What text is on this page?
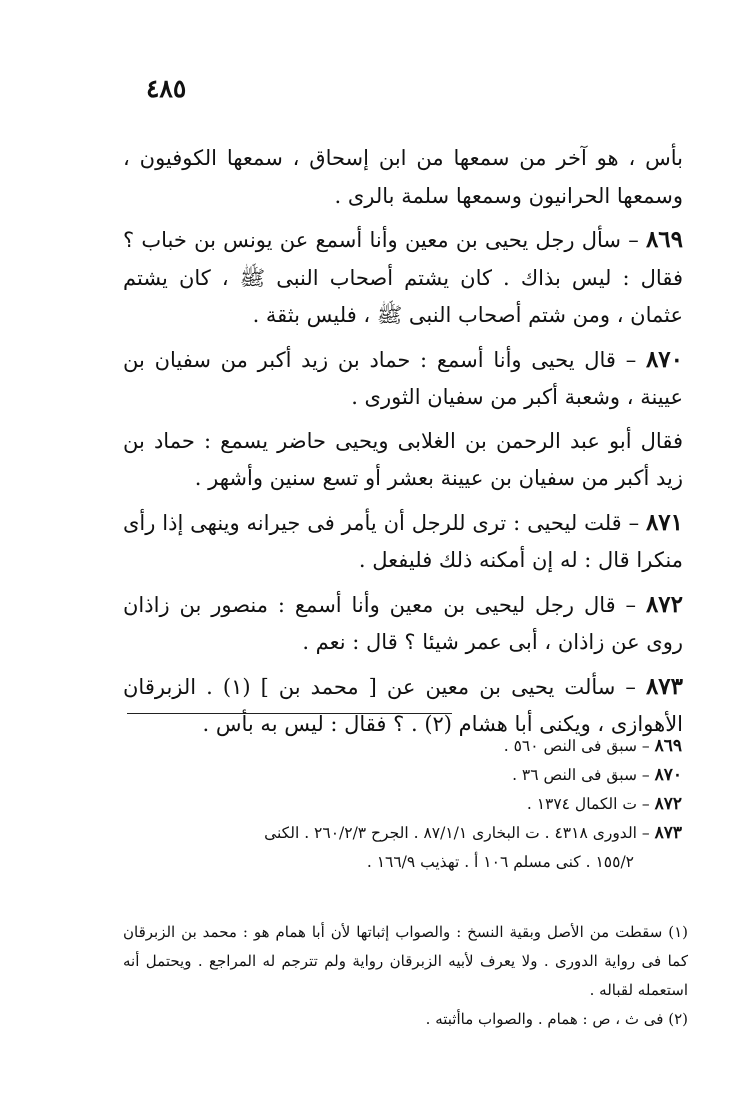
٤٨٥

بأس ، هو آخر من سمعها من ابن إسحاق ، سمعها الكوفيون ، وسمعها الحرانيون وسمعها سلمة بالرى .

٨٦٩ – سأل رجل يحيى بن معين وأنا أسمع عن يونس بن خباب ؟ فقال : ليس بذاك . كان يشتم أصحاب النبى ﷺ ، كان يشتم عثمان ، ومن شتم أصحاب النبى ﷺ ، فليس بثقة .

٨٧٠ – قال يحيى وأنا أسمع : حماد بن زيد أكبر من سفيان بن عيينة ، وشعبة أكبر من سفيان الثورى .

فقال أبو عبد الرحمن بن الغلابى ويحيى حاضر يسمع : حماد بن زيد أكبر من سفيان بن عيينة بعشر أو تسع سنين وأشهر .

٨٧١ – قلت ليحيى : ترى للرجل أن يأمر فى جيرانه وينهى إذا رأى منكرا قال : له إن أمكنه ذلك فليفعل .

٨٧٢ – قال رجل ليحيى بن معين وأنا أسمع : منصور بن زاذان روى عن زاذان ، أبى عمر شيئا ؟ قال : نعم .

٨٧٣ – سألت يحيى بن معين عن [ محمد بن ] (١) . الزبرقان الأهوازى ، ويكنى أبا هشام (٢) . ؟ فقال : ليس به بأس .

٨٦٩ – سبق فى النص ٥٦٠ .

٨٧٠ – سبق فى النص ٣٦ .

٨٧٢ – ت الكمال ١٣٧٤ .

٨٧٣ – الدورى ٤٣١٨ . ت البخارى ٨٧/١/١ . الجرح ٢٦٠/٢/٣ . الكنى

١٥٥/٢ . كنى مسلم ١٠٦ أ . تهذيب ١٦٦/٩ .

(١) سقطت من الأصل وبقية النسخ : والصواب إثباتها لأن أبا همام هو : محمد بن الزبرقان كما فى رواية الدورى . ولا يعرف لأبيه الزبرقان رواية ولم تترجم له المراجع . ويحتمل أنه استعمله لقباله .

(٢) فى ث ، ص : همام . والصواب ماأثبته .
